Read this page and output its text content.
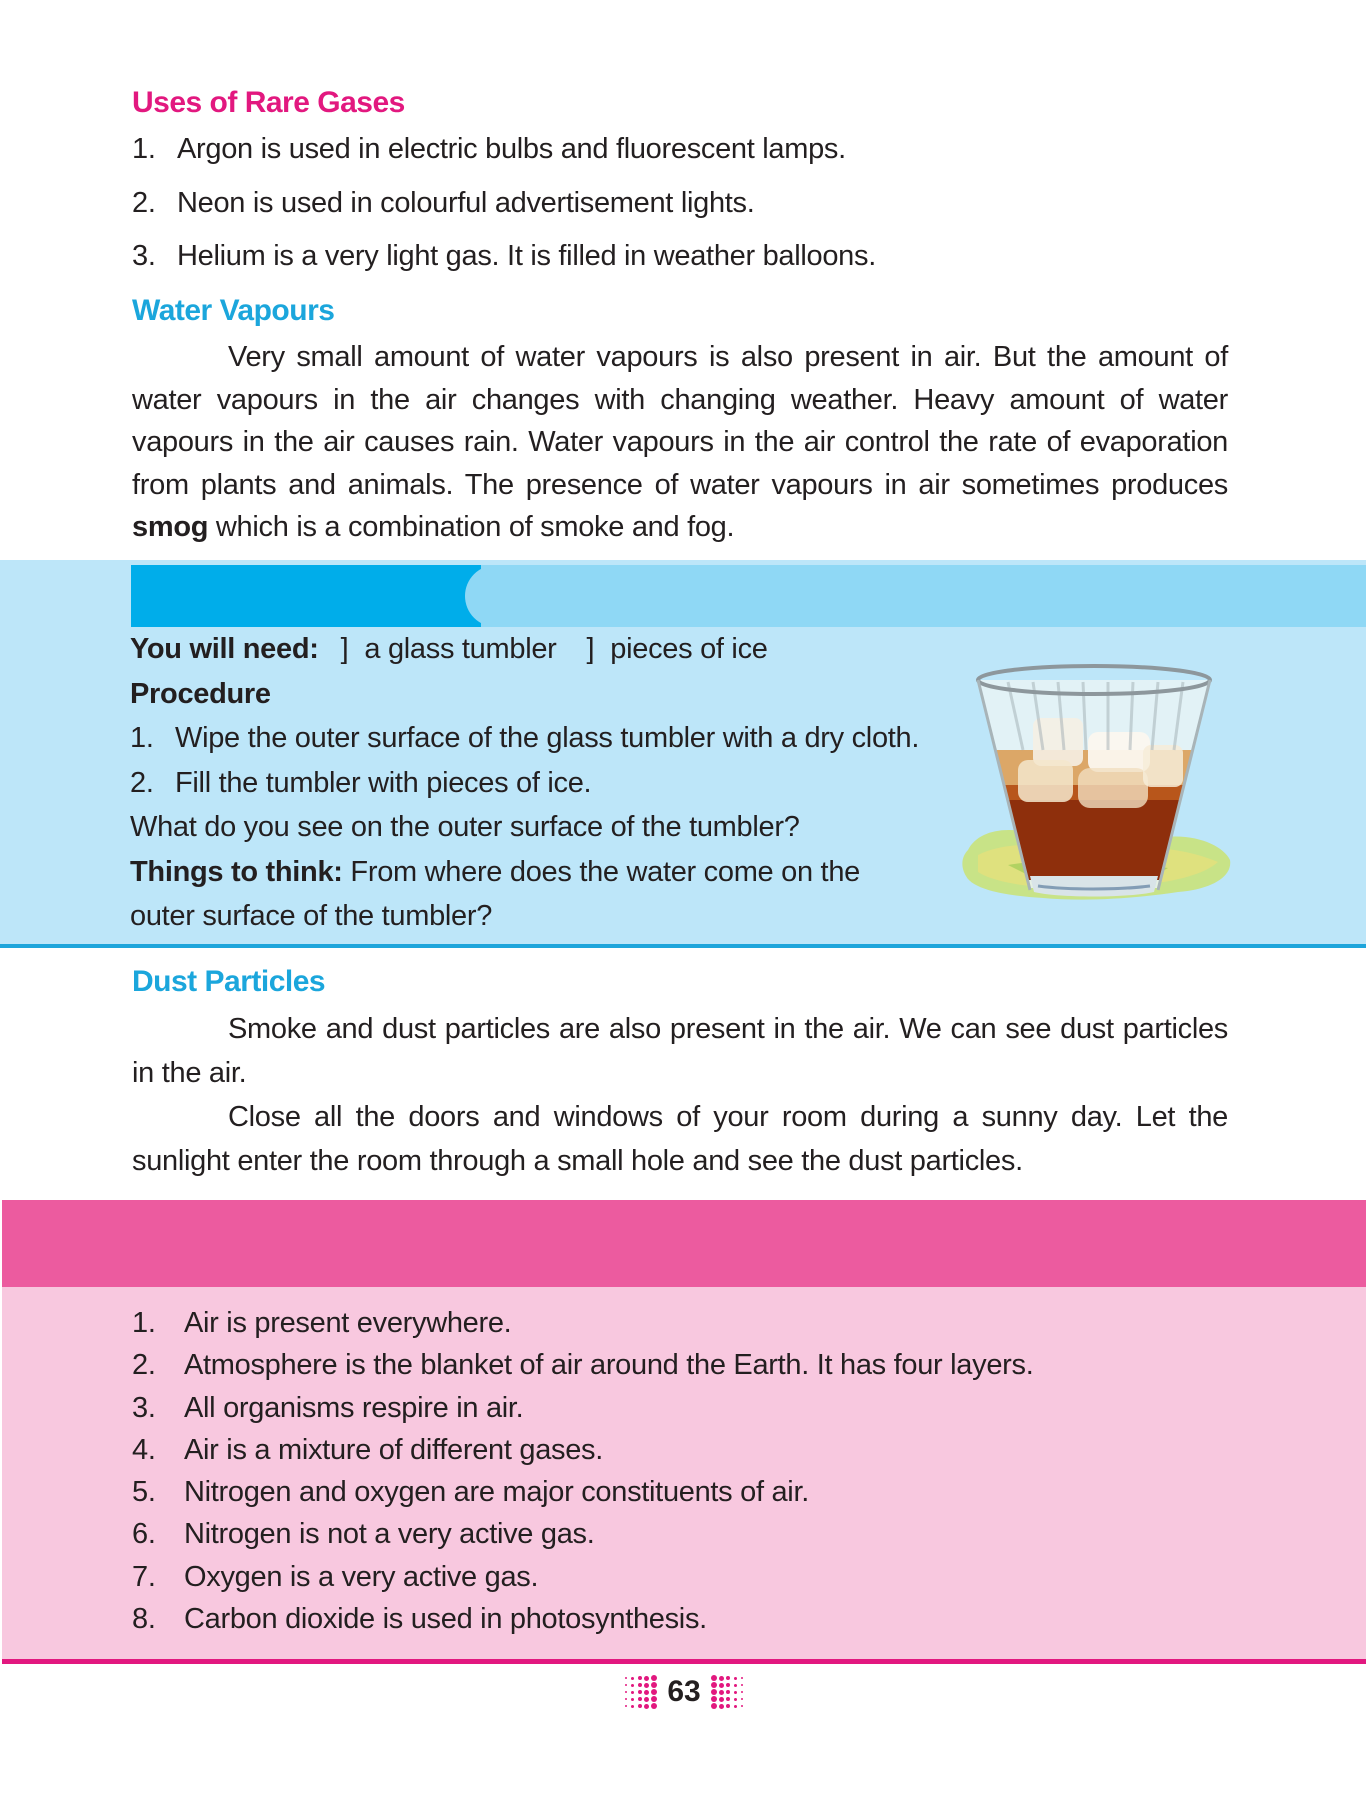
Uses of Rare Gases
1. Argon is used in electric bulbs and fluorescent lamps.
2. Neon is used in colourful advertisement lights.
3. Helium is a very light gas. It is filled in weather balloons.
Water Vapours

Very small amount of water vapours is also present in air. But the amount of water vapours in the air changes with changing weather. Heavy amount of water vapours in the air causes rain. Water vapours in the air control the rate of evaporation from plants and animals. The presence of water vapours in air sometimes produces smog which is a combination of smoke and fog.

You will need: ] a glass tumbler ] pieces of ice
Procedure
1. Wipe the outer surface of the glass tumbler with a dry cloth.
2. Fill the tumbler with pieces of ice.
What do you see on the outer surface of the tumbler?
Things to think: From where does the water come on the
outer surface of the tumbler?
Dust Particles

Smoke and dust particles are also present in the air. We can see dust particles in the air.

Close all the doors and windows of your room during a sunny day. Let the sunlight enter the room through a small hole and see the dust particles.

1. Air is present everywhere.
2. Atmosphere is the blanket of air around the Earth. It has four layers.
3. All organisms respire in air.
4. Air is a mixture of different gases.
5. Nitrogen and oxygen are major constituents of air.
6. Nitrogen is not a very active gas.
7. Oxygen is a very active gas.
8. Carbon dioxide is used in photosynthesis.
63
